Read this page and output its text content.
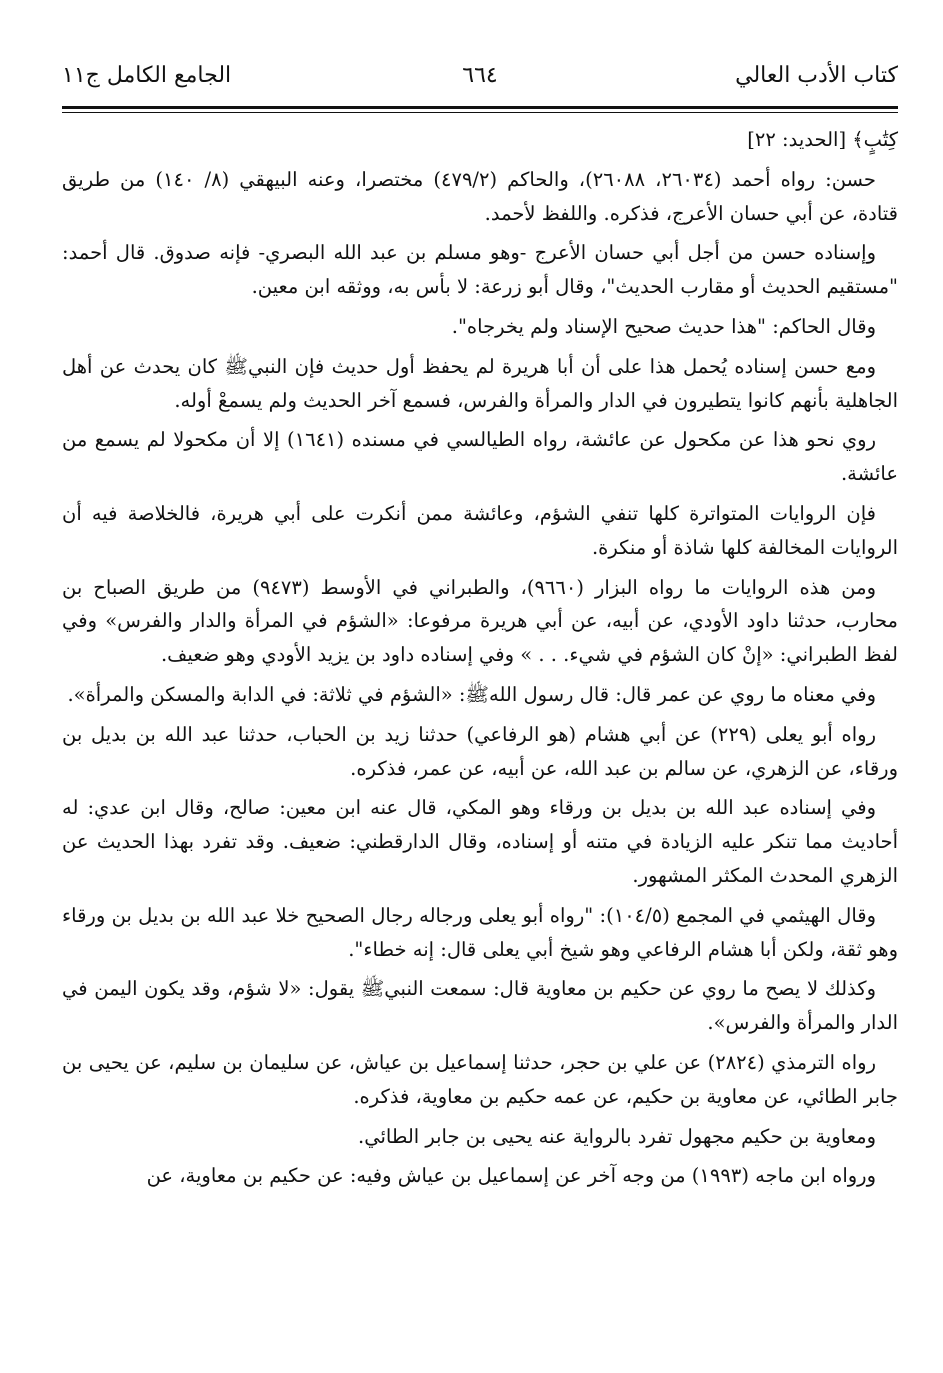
كتاب الأدب العالي
٦٦٤
الجامع الكامل ج١١

كِتَٰبٍ﴾ [الحديد: ٢٢]

حسن: رواه أحمد (٢٦٠٣٤، ٢٦٠٨٨)، والحاكم (٤٧٩/٢) مختصرا، وعنه البيهقي (٨/ ١٤٠) من طريق قتادة، عن أبي حسان الأعرج، فذكره. واللفظ لأحمد.

وإسناده حسن من أجل أبي حسان الأعرج -وهو مسلم بن عبد الله البصري- فإنه صدوق. قال أحمد: "مستقيم الحديث أو مقارب الحديث"، وقال أبو زرعة: لا بأس به، ووثقه ابن معين.

وقال الحاكم: "هذا حديث صحيح الإسناد ولم يخرجاه".

ومع حسن إسناده يُحمل هذا على أن أبا هريرة لم يحفظ أول حديث فإن النبيﷺ كان يحدث عن أهل الجاهلية بأنهم كانوا يتطيرون في الدار والمرأة والفرس، فسمع آخر الحديث ولم يسمعْ أوله.

روي نحو هذا عن مكحول عن عائشة، رواه الطيالسي في مسنده (١٦٤١) إلا أن مكحولا لم يسمع من عائشة.

فإن الروايات المتواترة كلها تنفي الشؤم، وعائشة ممن أنكرت على أبي هريرة، فالخلاصة فيه أن الروايات المخالفة كلها شاذة أو منكرة.

ومن هذه الروايات ما رواه البزار (٩٦٦٠)، والطبراني في الأوسط (٩٤٧٣) من طريق الصباح بن محارب، حدثنا داود الأودي، عن أبيه، عن أبي هريرة مرفوعا: «الشؤم في المرأة والدار والفرس» وفي لفظ الطبراني: «إنْ كان الشؤم في شيء. . . » وفي إسناده داود بن يزيد الأودي وهو ضعيف.

وفي معناه ما روي عن عمر قال: قال رسول اللهﷺ: «الشؤم في ثلاثة: في الدابة والمسكن والمرأة».

رواه أبو يعلى (٢٢٩) عن أبي هشام (هو الرفاعي) حدثنا زيد بن الحباب، حدثنا عبد الله بن بديل بن ورقاء، عن الزهري، عن سالم بن عبد الله، عن أبيه، عن عمر، فذكره.

وفي إسناده عبد الله بن بديل بن ورقاء وهو المكي، قال عنه ابن معين: صالح، وقال ابن عدي: له أحاديث مما تنكر عليه الزيادة في متنه أو إسناده، وقال الدارقطني: ضعيف. وقد تفرد بهذا الحديث عن الزهري المحدث المكثر المشهور.

وقال الهيثمي في المجمع (١٠٤/٥): "رواه أبو يعلى ورجاله رجال الصحيح خلا عبد الله بن بديل بن ورقاء وهو ثقة، ولكن أبا هشام الرفاعي وهو شيخ أبي يعلى قال: إنه خطاء".

وكذلك لا يصح ما روي عن حكيم بن معاوية قال: سمعت النبيﷺ يقول: «لا شؤم، وقد يكون اليمن في الدار والمرأة والفرس».

رواه الترمذي (٢٨٢٤) عن علي بن حجر، حدثنا إسماعيل بن عياش، عن سليمان بن سليم، عن يحيى بن جابر الطائي، عن معاوية بن حكيم، عن عمه حكيم بن معاوية، فذكره.

ومعاوية بن حكيم مجهول تفرد بالرواية عنه يحيى بن جابر الطائي.

ورواه ابن ماجه (١٩٩٣) من وجه آخر عن إسماعيل بن عياش وفيه: عن حكيم بن معاوية، عن
